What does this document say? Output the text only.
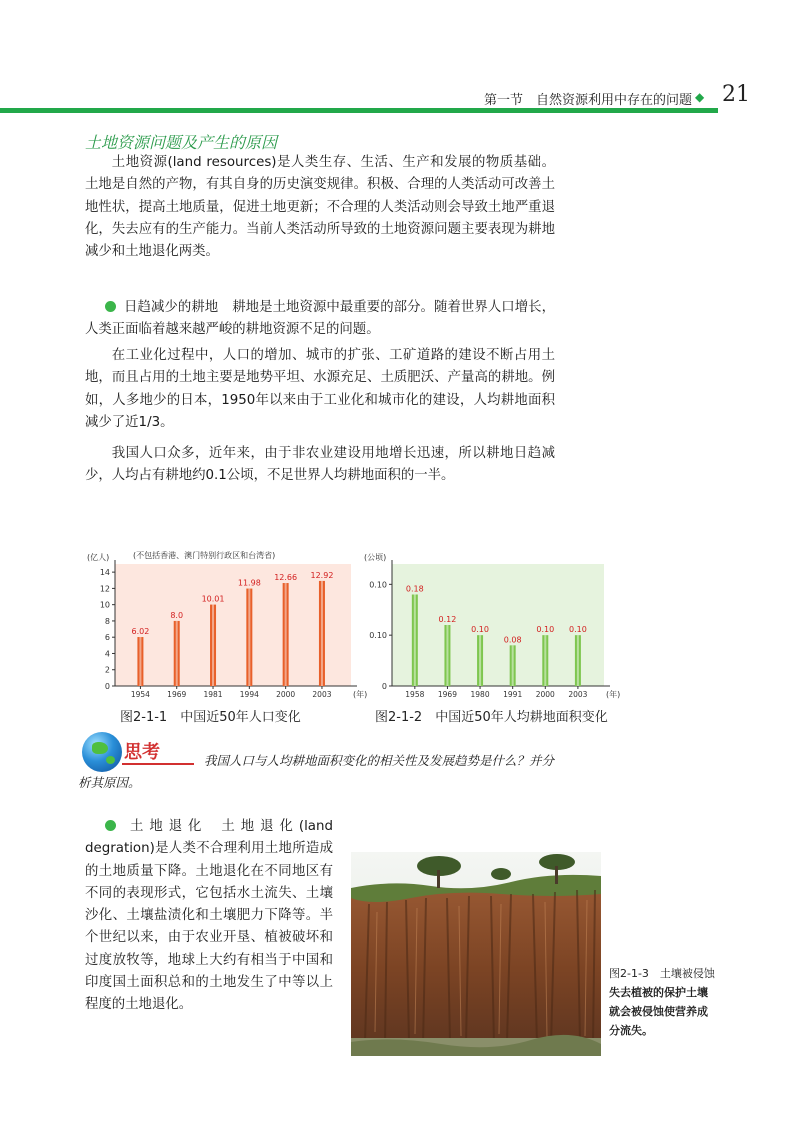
第一节　自然资源利用中存在的问题 ◆ 21
土地资源问题及产生的原因

土地资源(land resources)是人类生存、生活、生产和发展的物质基础。土地是自然的产物，有其自身的历史演变规律。积极、合理的人类活动可改善土地性状，提高土地质量，促进土地更新；不合理的人类活动则会导致土地严重退化，失去应有的生产能力。当前人类活动所导致的土地资源问题主要表现为耕地减少和土地退化两类。

日趋减少的耕地 耕地是土地资源中最重要的部分。随着世界人口增长，人类正面临着越来越严峻的耕地资源不足的问题。

在工业化过程中，人口的增加、城市的扩张、工矿道路的建设不断占用土地，而且占用的土地主要是地势平坦、水源充足、土质肥沃、产量高的耕地。例如，人多地少的日本，1950年以来由于工业化和城市化的建设，人均耕地面积减少了近1/3。

我国人口众多，近年来，由于非农业建设用地增长迅速，所以耕地日趋减少，人均占有耕地约0.1公顷，不足世界人均耕地面积的一半。

(亿人)	(不包括香港、澳门特别行政区和台湾省)
0
2
4
6
8
10
12
14
6.02
1954
8.0
1969
10.01
1981
11.98
1994
12.66
2000
12.92
2003	(年)
图2-1-1　中国近50年人口变化
(公顷)
0
0.10
0.10 0.18
1958
0.12
1969
0.10
1980
0.08
1991
0.10
2000
0.10
2003 (年)
图2-1-2　中国近50年人均耕地面积变化
思考	我国人口与人均耕地面积变化的相关性及发展趋势是什么？并分析其原因。

土地退化 土地退化(land degration)是人类不合理利用土地所造成的土地质量下降。土地退化在不同地区有不同的表现形式，它包括水土流失、土壤沙化、土壤盐渍化和土壤肥力下降等。半个世纪以来，由于农业开垦、植被破坏和过度放牧等，地球上大约有相当于中国和印度国土面积总和的土地发生了中等以上程度的土地退化。
图2-1-3　土壤被侵蚀
失去植被的保护土壤就会被侵蚀使营养成分流失。
